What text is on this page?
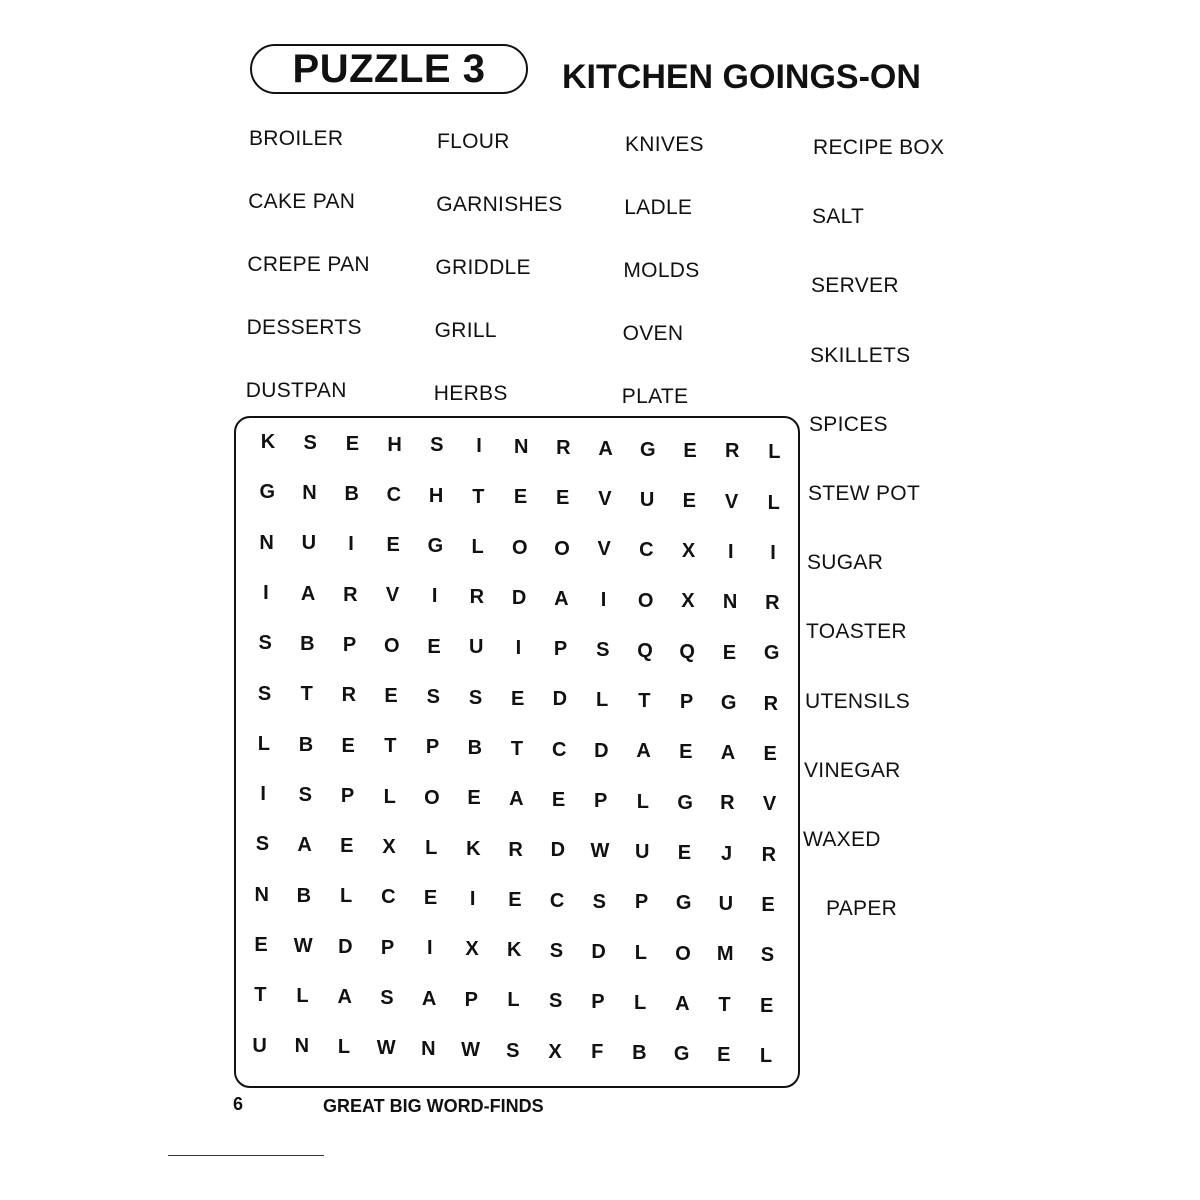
PUZZLE 3 KITCHEN GOINGS-ON
BROILER
CAKE PAN
CREPE PAN
DESSERTS
DUSTPAN
FLOUR
GARNISHES
GRIDDLE
GRILL
HERBS
KNIVES
LADLE
MOLDS
OVEN
PLATE
RECIPE BOX
SALT
SERVER
SKILLETS
SPICES
STEW POT
SUGAR
TOASTER
UTENSILS
VINEGAR
WAXED
PAPER
K	S	E	H	S	I	N	R	A	G	E	R	L
G	N	B	C	H	T	E	E	V	U	E	V	L
N	U	I	E	G	L	O	O	V	C	X	I	I
I	A	R	V	I	R	D	A	I	O	X	N	R
S	B	P	O	E	U	I	P	S	Q	Q	E	G
S	T	R	E	S	S	E	D	L	T	P	G	R
L	B	E	T	P	B	T	C	D	A	E	A	E
I	S	P	L	O	E	A	E	P	L	G	R	V
S	A	E	X	L	K	R	D	W	U	E	J	R
N	B	L	C	E	I	E	C	S	P	G	U	E
E	W	D	P	I	X	K	S	D	L	O	M	S
T	L	A	S	A	P	L	S	P	L	A	T	E
U	N	L	W	N	W	S	X	F	B	G	E	L
6	GREAT BIG WORD-FINDS
